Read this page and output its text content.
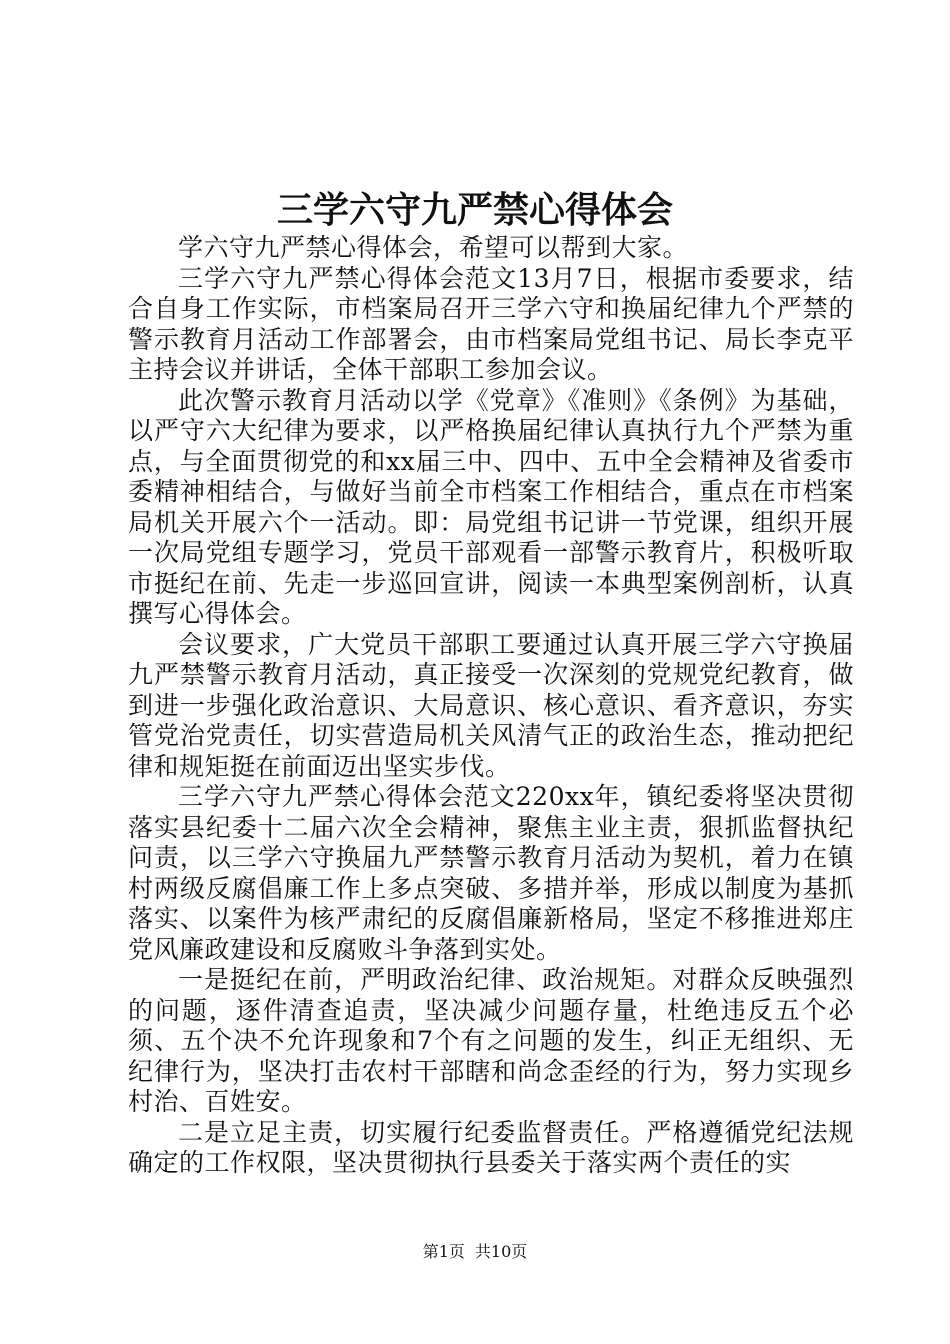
三学六守九严禁心得体会

学六守九严禁心得体会，希望可以帮到大家。

三学六守九严禁心得体会范文13月7日，根据市委要求，结合自身工作实际，市档案局召开三学六守和换届纪律九个严禁的警示教育月活动工作部署会，由市档案局党组书记、局长李克平主持会议并讲话，全体干部职工参加会议。

此次警示教育月活动以学《党章》《准则》《条例》为基础，以严守六大纪律为要求，以严格换届纪律认真执行九个严禁为重点，与全面贯彻党的和xx届三中、四中、五中全会精神及省委市委精神相结合，与做好当前全市档案工作相结合，重点在市档案局机关开展六个一活动。即：局党组书记讲一节党课，组织开展一次局党组专题学习，党员干部观看一部警示教育片，积极听取市挺纪在前、先走一步巡回宣讲，阅读一本典型案例剖析，认真撰写心得体会。

会议要求，广大党员干部职工要通过认真开展三学六守换届九严禁警示教育月活动，真正接受一次深刻的党规党纪教育，做到进一步强化政治意识、大局意识、核心意识、看齐意识，夯实管党治党责任，切实营造局机关风清气正的政治生态，推动把纪律和规矩挺在前面迈出坚实步伐。

三学六守九严禁心得体会范文220xx年，镇纪委将坚决贯彻落实县纪委十二届六次全会精神，聚焦主业主责，狠抓监督执纪问责，以三学六守换届九严禁警示教育月活动为契机，着力在镇村两级反腐倡廉工作上多点突破、多措并举，形成以制度为基抓落实、以案件为核严肃纪的反腐倡廉新格局，坚定不移推进郑庄党风廉政建设和反腐败斗争落到实处。

一是挺纪在前，严明政治纪律、政治规矩。对群众反映强烈的问题，逐件清查追责，坚决减少问题存量，杜绝违反五个必须、五个决不允许现象和7个有之问题的发生，纠正无组织、无纪律行为，坚决打击农村干部瞎和尚念歪经的行为，努力实现乡村治、百姓安。

二是立足主责，切实履行纪委监督责任。严格遵循党纪法规确定的工作权限，坚决贯彻执行县委关于落实两个责任的实

第1页 共10页
